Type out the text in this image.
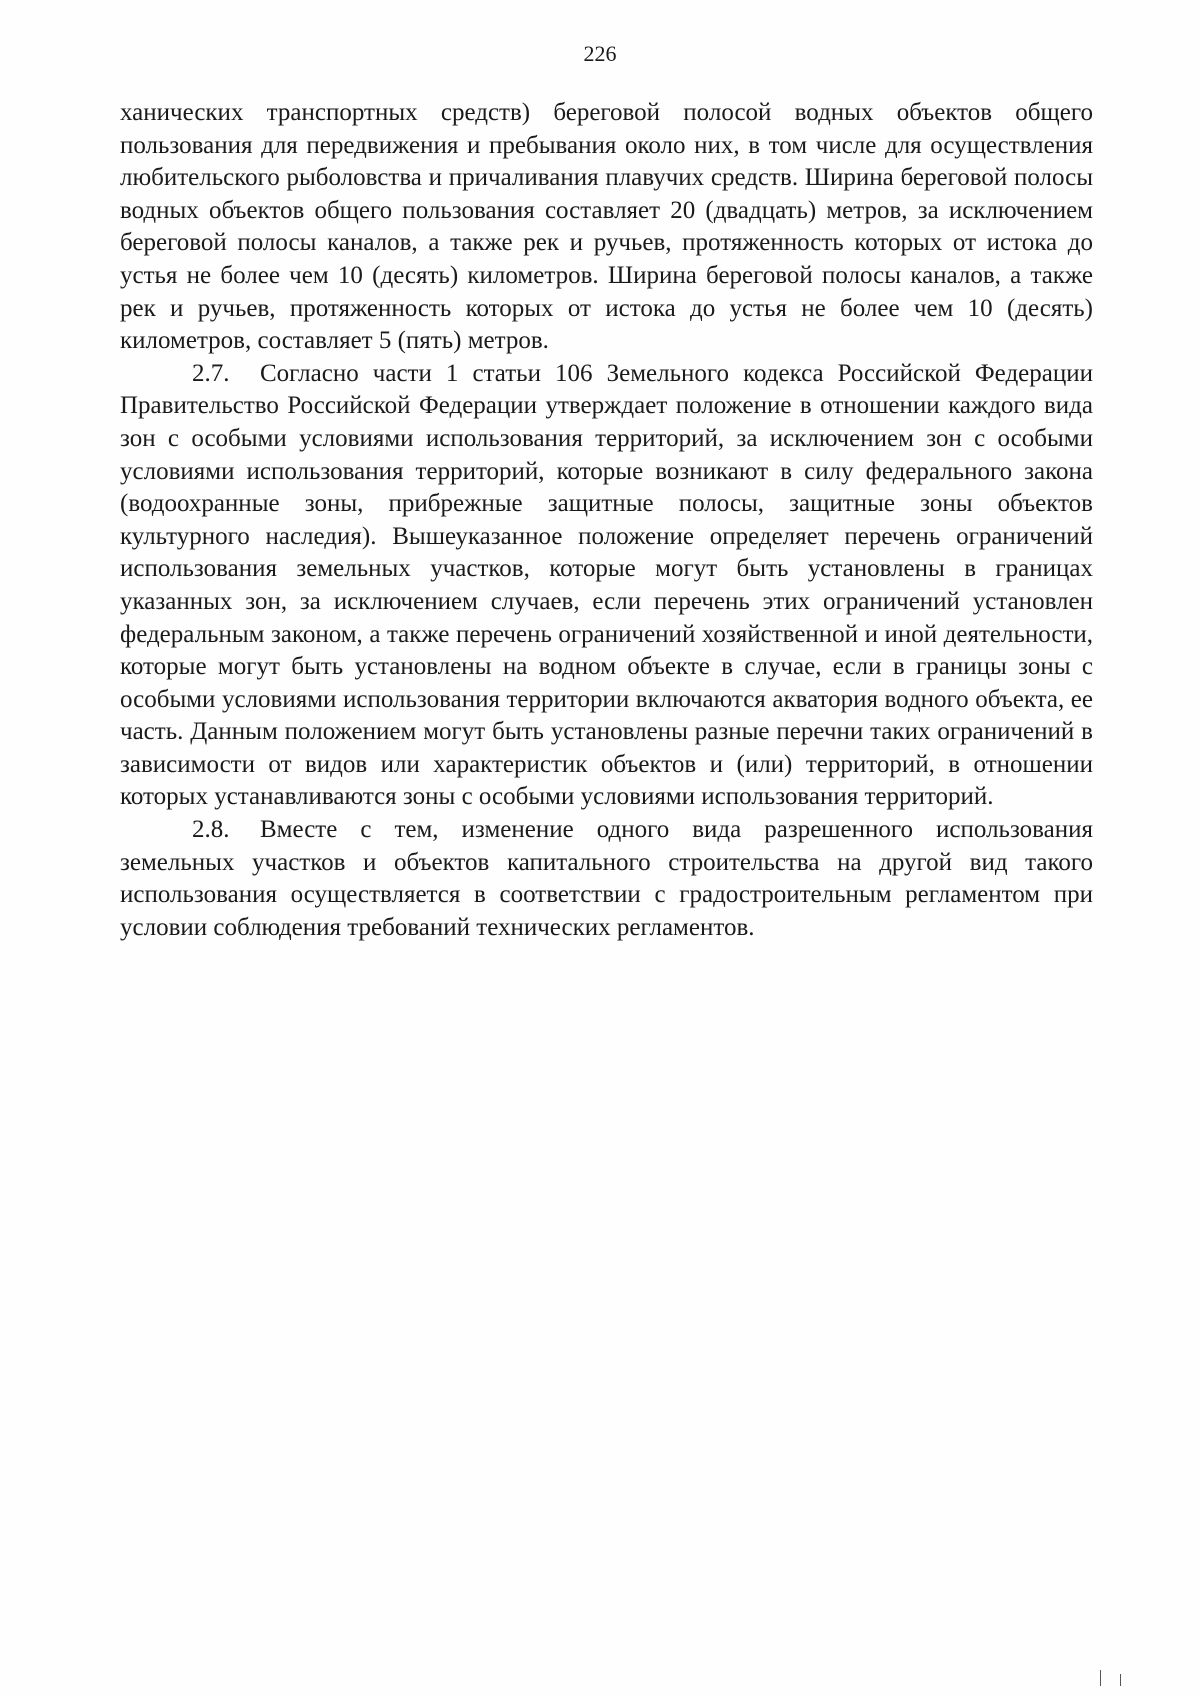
226

ханических транспортных средств) береговой полосой водных объектов общего пользования для передвижения и пребывания около них, в том числе для осуществления любительского рыболовства и причаливания плавучих средств. Ширина береговой полосы водных объектов общего пользования составляет 20 (двадцать) метров, за исключением береговой полосы каналов, а также рек и ручьев, протяженность которых от истока до устья не более чем 10 (десять) километров. Ширина береговой полосы каналов, а также рек и ручьев, протяженность которых от истока до устья не более чем 10 (десять) километров, составляет 5 (пять) метров.

2.7. Согласно части 1 статьи 106 Земельного кодекса Российской Федерации Правительство Российской Федерации утверждает положение в отношении каждого вида зон с особыми условиями использования территорий, за исключением зон с особыми условиями использования территорий, которые возникают в силу федерального закона (водоохранные зоны, прибрежные защитные полосы, защитные зоны объектов культурного наследия). Вышеуказанное положение определяет перечень ограничений использования земельных участков, которые могут быть установлены в границах указанных зон, за исключением случаев, если перечень этих ограничений установлен федеральным законом, а также перечень ограничений хозяйственной и иной деятельности, которые могут быть установлены на водном объекте в случае, если в границы зоны с особыми условиями использования территории включаются акватория водного объекта, ее часть. Данным положением могут быть установлены разные перечни таких ограничений в зависимости от видов или характеристик объектов и (или) территорий, в отношении которых устанавливаются зоны с особыми условиями использования территорий.

2.8. Вместе с тем, изменение одного вида разрешенного использования земельных участков и объектов капитального строительства на другой вид такого использования осуществляется в соответствии с градостроительным регламентом при условии соблюдения требований технических регламентов.
